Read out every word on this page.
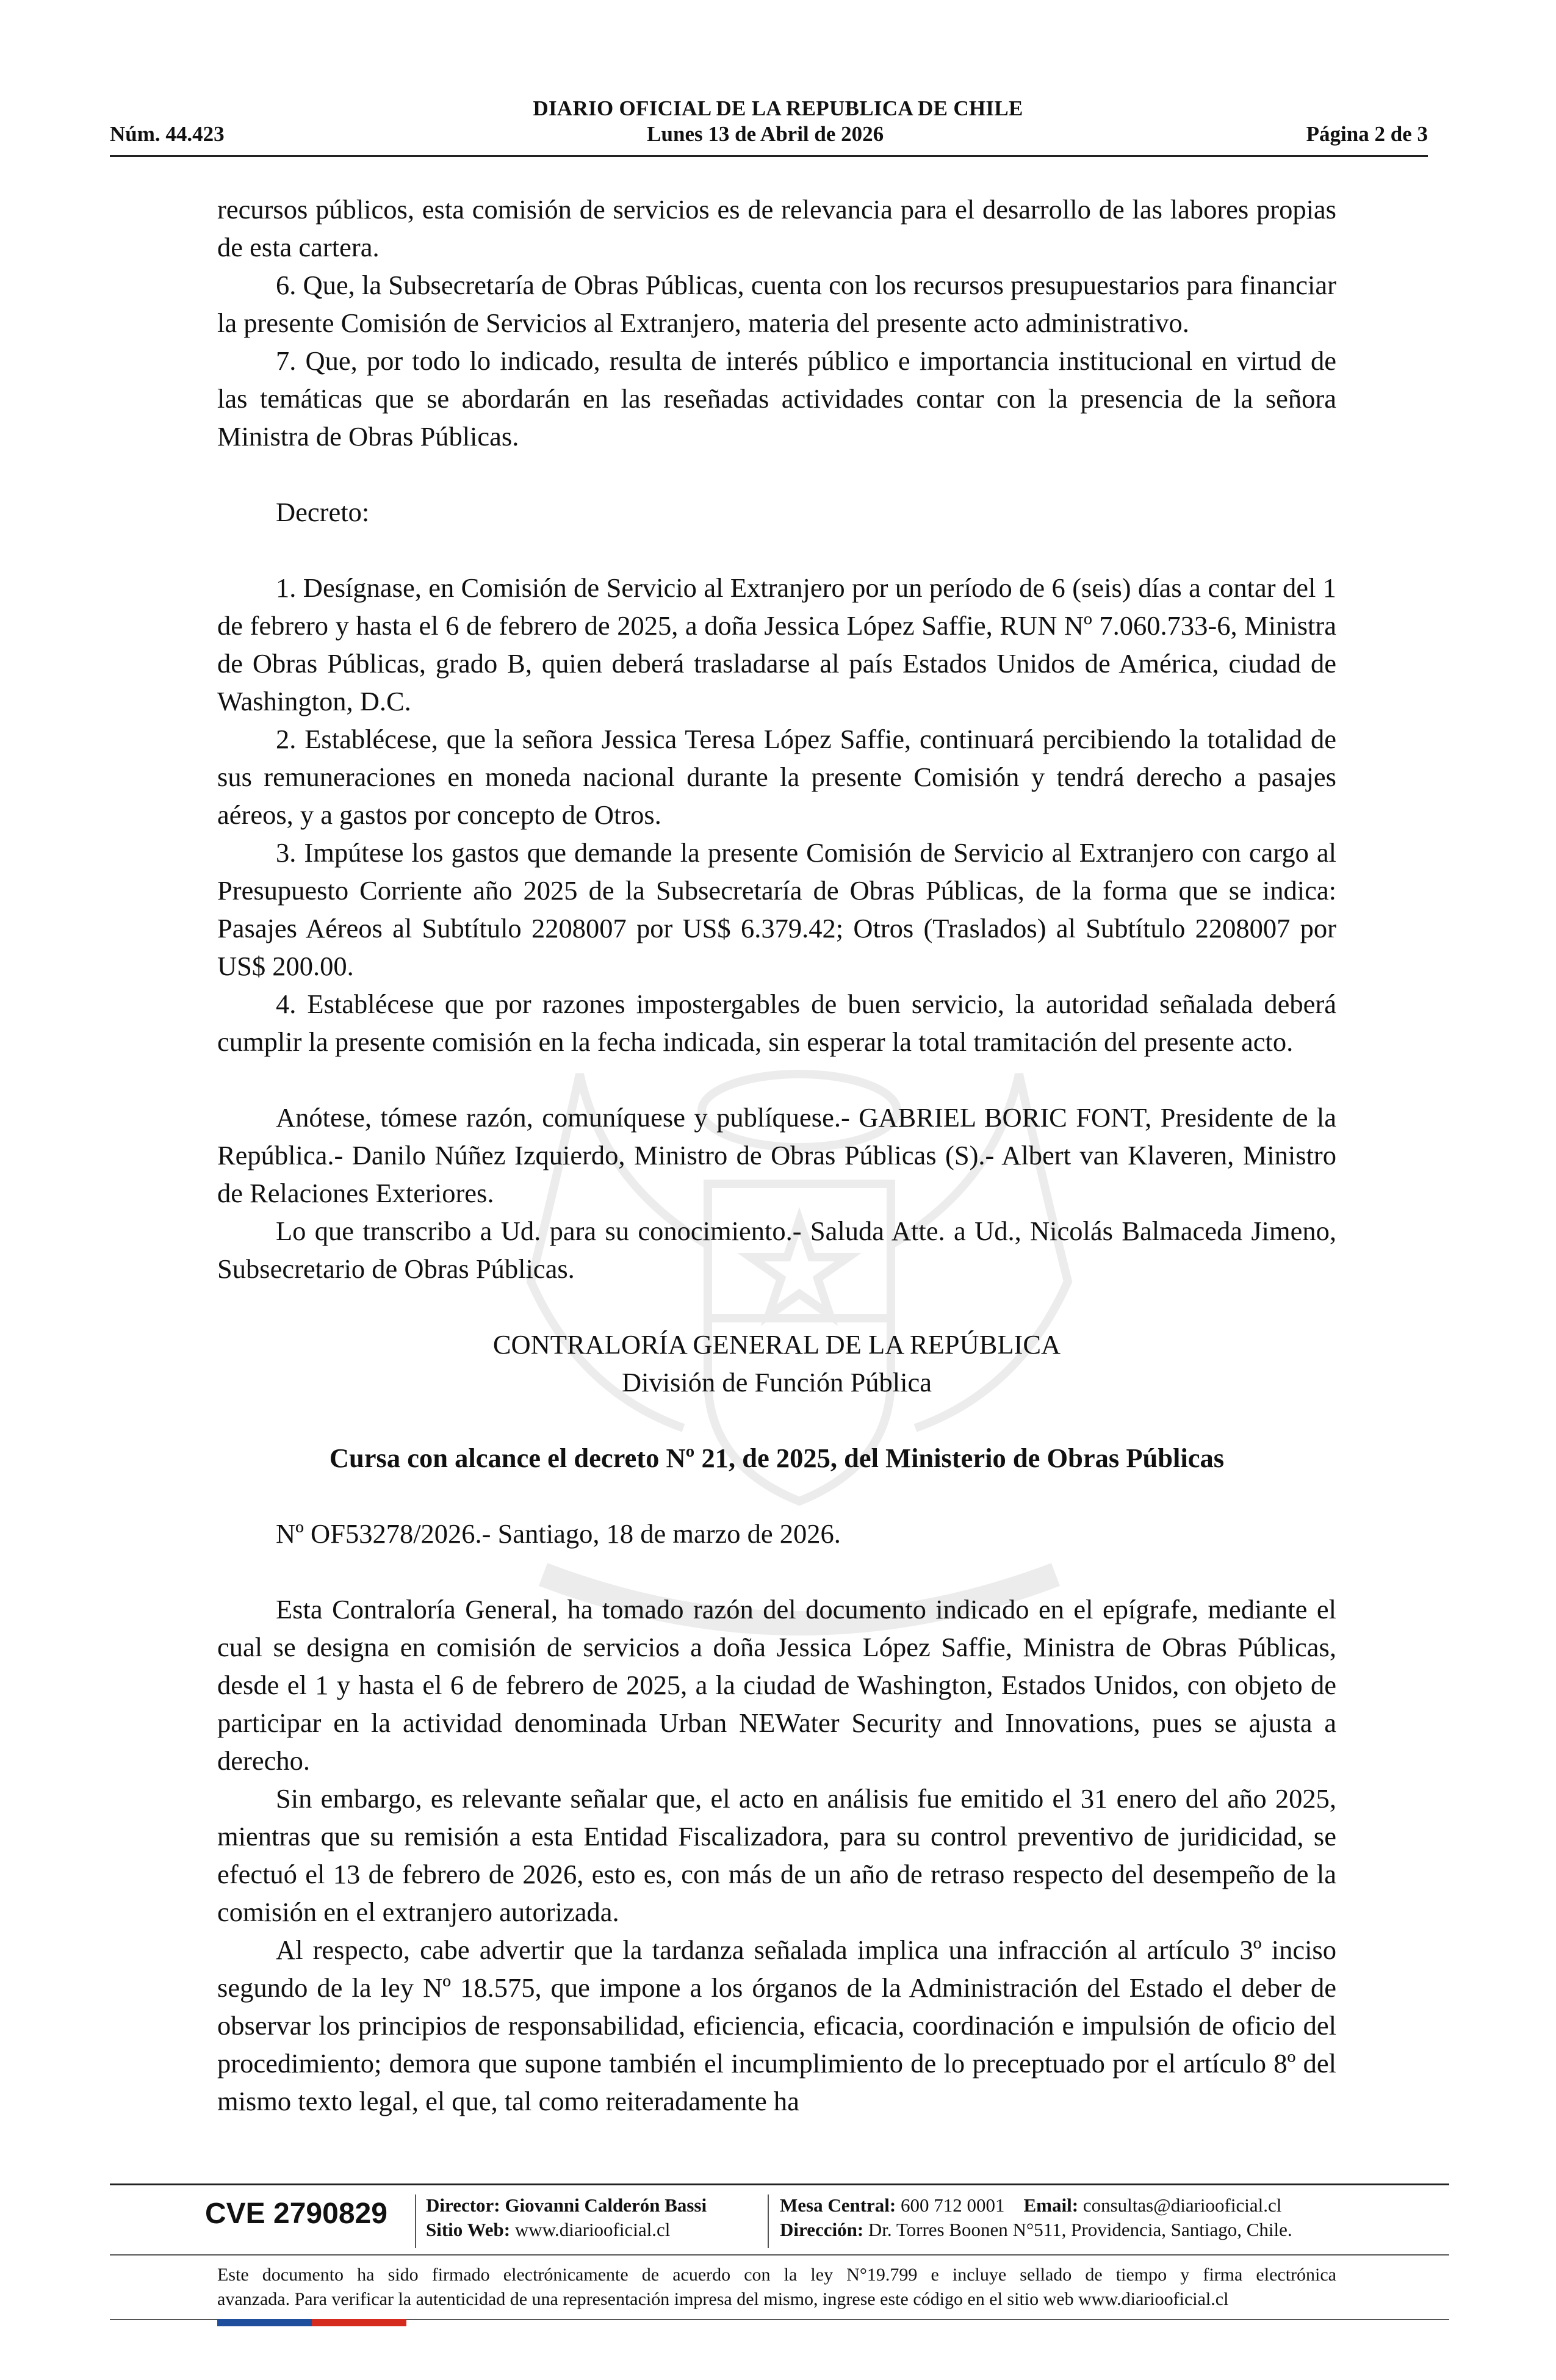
DIARIO OFICIAL DE LA REPUBLICA DE CHILE
Núm. 44.423	Lunes 13 de Abril de 2026	Página 2 de 3

recursos públicos, esta comisión de servicios es de relevancia para el desarrollo de las labores propias de esta cartera.

6. Que, la Subsecretaría de Obras Públicas, cuenta con los recursos presupuestarios para financiar la presente Comisión de Servicios al Extranjero, materia del presente acto administrativo.

7. Que, por todo lo indicado, resulta de interés público e importancia institucional en virtud de las temáticas que se abordarán en las reseñadas actividades contar con la presencia de la señora Ministra de Obras Públicas.

Decreto:

1. Desígnase, en Comisión de Servicio al Extranjero por un período de 6 (seis) días a contar del 1 de febrero y hasta el 6 de febrero de 2025, a doña Jessica López Saffie, RUN Nº 7.060.733-6, Ministra de Obras Públicas, grado B, quien deberá trasladarse al país Estados Unidos de América, ciudad de Washington, D.C.

2. Establécese, que la señora Jessica Teresa López Saffie, continuará percibiendo la totalidad de sus remuneraciones en moneda nacional durante la presente Comisión y tendrá derecho a pasajes aéreos, y a gastos por concepto de Otros.

3. Impútese los gastos que demande la presente Comisión de Servicio al Extranjero con cargo al Presupuesto Corriente año 2025 de la Subsecretaría de Obras Públicas, de la forma que se indica: Pasajes Aéreos al Subtítulo 2208007 por US$ 6.379.42; Otros (Traslados) al Subtítulo 2208007 por US$ 200.00.

4. Establécese que por razones impostergables de buen servicio, la autoridad señalada deberá cumplir la presente comisión en la fecha indicada, sin esperar la total tramitación del presente acto.

Anótese, tómese razón, comuníquese y publíquese.- GABRIEL BORIC FONT, Presidente de la República.- Danilo Núñez Izquierdo, Ministro de Obras Públicas (S).- Albert van Klaveren, Ministro de Relaciones Exteriores.

Lo que transcribo a Ud. para su conocimiento.- Saluda Atte. a Ud., Nicolás Balmaceda Jimeno, Subsecretario de Obras Públicas.

CONTRALORÍA GENERAL DE LA REPÚBLICA

División de Función Pública

Cursa con alcance el decreto Nº 21, de 2025, del Ministerio de Obras Públicas

Nº OF53278/2026.- Santiago, 18 de marzo de 2026.

Esta Contraloría General, ha tomado razón del documento indicado en el epígrafe, mediante el cual se designa en comisión de servicios a doña Jessica López Saffie, Ministra de Obras Públicas, desde el 1 y hasta el 6 de febrero de 2025, a la ciudad de Washington, Estados Unidos, con objeto de participar en la actividad denominada Urban NEWater Security and Innovations, pues se ajusta a derecho.

Sin embargo, es relevante señalar que, el acto en análisis fue emitido el 31 enero del año 2025, mientras que su remisión a esta Entidad Fiscalizadora, para su control preventivo de juridicidad, se efectuó el 13 de febrero de 2026, esto es, con más de un año de retraso respecto del desempeño de la comisión en el extranjero autorizada.

Al respecto, cabe advertir que la tardanza señalada implica una infracción al artículo 3º inciso segundo de la ley Nº 18.575, que impone a los órganos de la Administración del Estado el deber de observar los principios de responsabilidad, eficiencia, eficacia, coordinación e impulsión de oficio del procedimiento; demora que supone también el incumplimiento de lo preceptuado por el artículo 8º del mismo texto legal, el que, tal como reiteradamente ha

CVE 2790829 Director: Giovanni Calderón Bassi
Sitio Web: www.diariooficial.cl
Mesa Central: 600 712 0001 Email: consultas@diariooficial.cl
Dirección: Dr. Torres Boonen N°511, Providencia, Santiago, Chile.
Este documento ha sido firmado electrónicamente de acuerdo con la ley N°19.799 e incluye sellado de tiempo y firma electrónica
avanzada. Para verificar la autenticidad de una representación impresa del mismo, ingrese este código en el sitio web www.diariooficial.cl
